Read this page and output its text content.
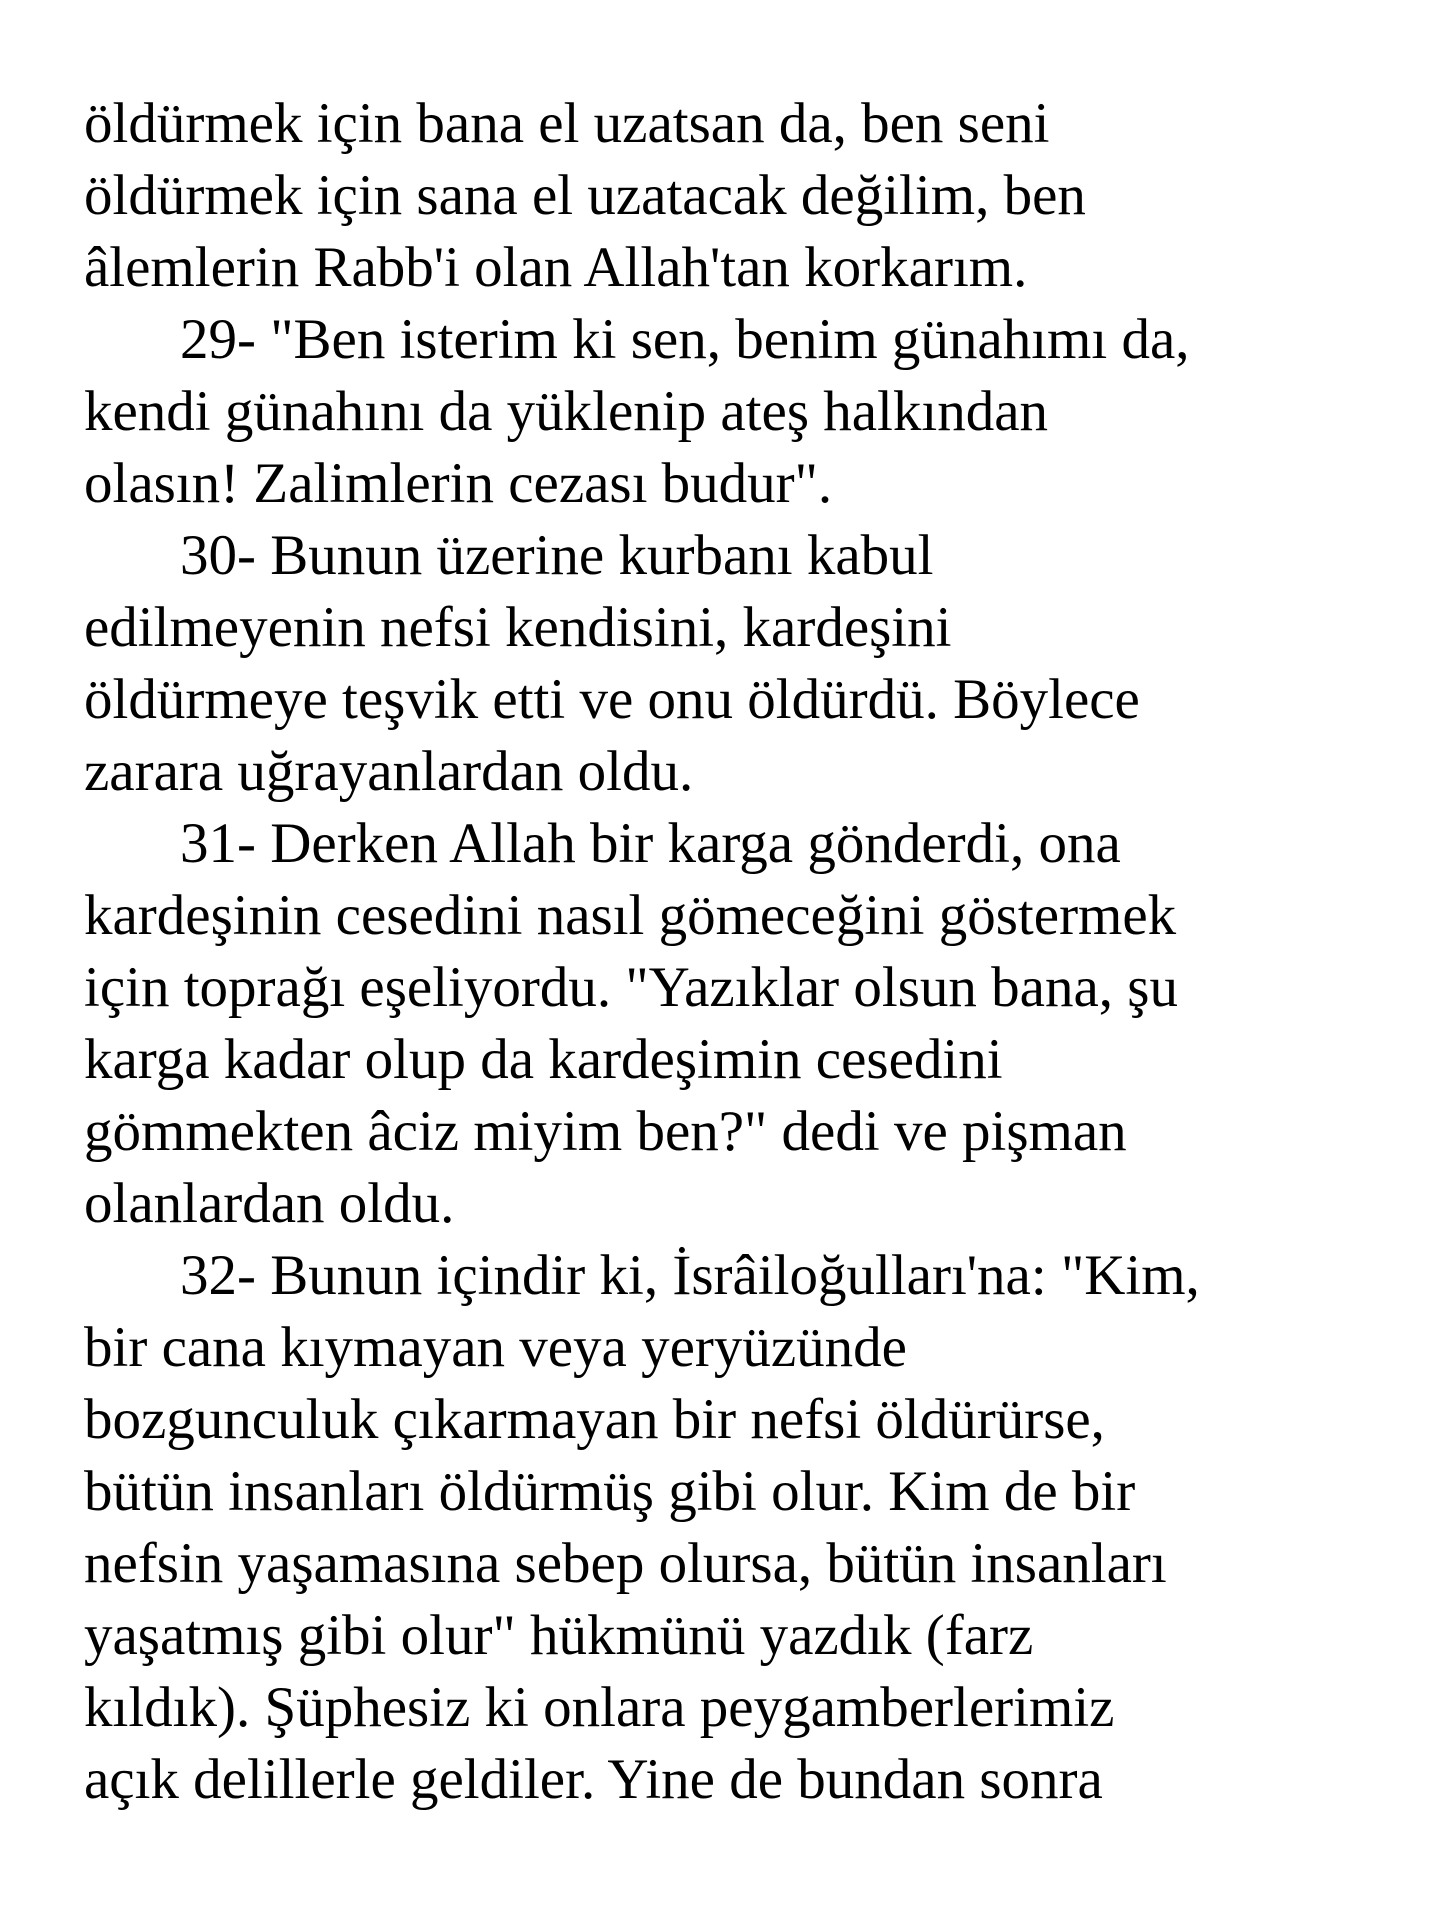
öldürmek için bana el uzatsan da, ben seni
öldürmek için sana el uzatacak değilim, ben
âlemlerin Rabb'i olan Allah'tan korkarım.
29- "Ben isterim ki sen, benim günahımı da,
kendi günahını da yüklenip ateş halkından
olasın! Zalimlerin cezası budur".
30- Bunun üzerine kurbanı kabul
edilmeyenin nefsi kendisini, kardeşini
öldürmeye teşvik etti ve onu öldürdü. Böylece
zarara uğrayanlardan oldu.
31- Derken Allah bir karga gönderdi, ona
kardeşinin cesedini nasıl gömeceğini göstermek
için toprağı eşeliyordu. "Yazıklar olsun bana, şu
karga kadar olup da kardeşimin cesedini
gömmekten âciz miyim ben?" dedi ve pişman
olanlardan oldu.
32- Bunun içindir ki, İsrâiloğulları'na: "Kim,
bir cana kıymayan veya yeryüzünde
bozgunculuk çıkarmayan bir nefsi öldürürse,
bütün insanları öldürmüş gibi olur. Kim de bir
nefsin yaşamasına sebep olursa, bütün insanları
yaşatmış gibi olur" hükmünü yazdık (farz
kıldık). Şüphesiz ki onlara peygamberlerimiz
açık delillerle geldiler. Yine de bundan sonra
